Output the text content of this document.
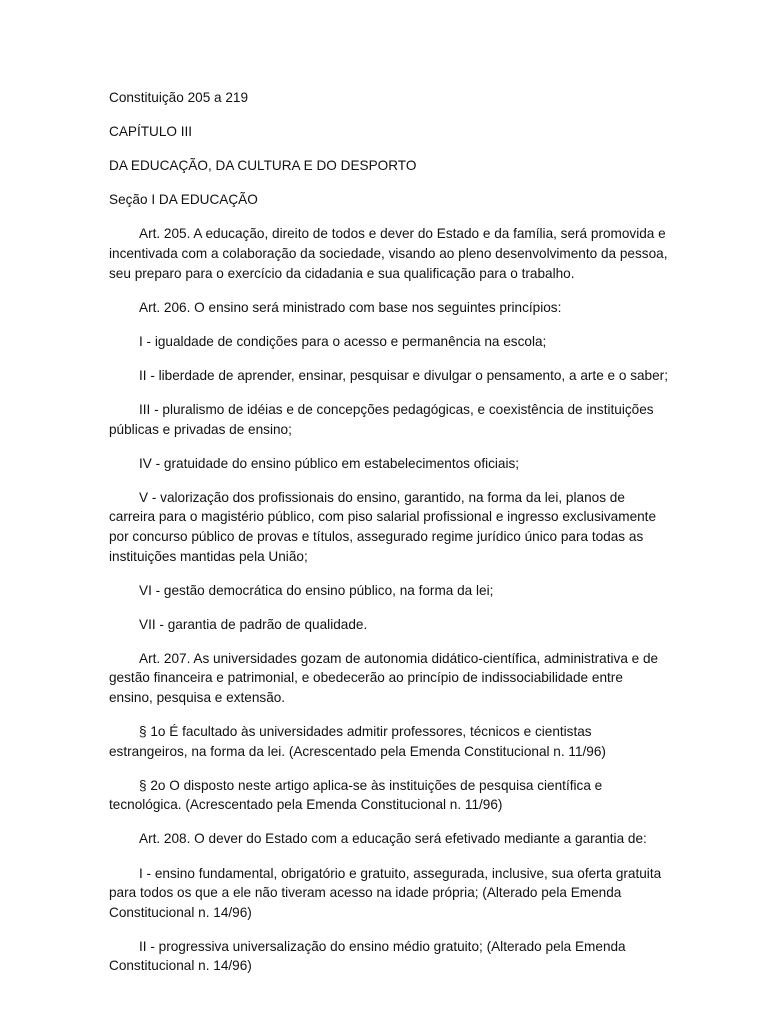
Constituição 205 a 219

CAPÍTULO III

DA EDUCAÇÃO, DA CULTURA E DO DESPORTO

Seção I DA EDUCAÇÃO

Art. 205. A educação, direito de todos e dever do Estado e da família, será promovida e incentivada com a colaboração da sociedade, visando ao pleno desenvolvimento da pessoa, seu preparo para o exercício da cidadania e sua qualificação para o trabalho.

Art. 206. O ensino será ministrado com base nos seguintes princípios:

I - igualdade de condições para o acesso e permanência na escola;

II - liberdade de aprender, ensinar, pesquisar e divulgar o pensamento, a arte e o saber;

III - pluralismo de idéias e de concepções pedagógicas, e coexistência de instituições públicas e privadas de ensino;

IV - gratuidade do ensino público em estabelecimentos oficiais;

V - valorização dos profissionais do ensino, garantido, na forma da lei, planos de carreira para o magistério público, com piso salarial profissional e ingresso exclusivamente por concurso público de provas e títulos, assegurado regime jurídico único para todas as instituições mantidas pela União;

VI - gestão democrática do ensino público, na forma da lei;

VII - garantia de padrão de qualidade.

Art. 207. As universidades gozam de autonomia didático-científica, administrativa e de gestão financeira e patrimonial, e obedecerão ao princípio de indissociabilidade entre ensino, pesquisa e extensão.

§ 1o É facultado às universidades admitir professores, técnicos e cientistas estrangeiros, na forma da lei. (Acrescentado pela Emenda Constitucional n. 11/96)

§ 2o O disposto neste artigo aplica-se às instituições de pesquisa científica e tecnológica. (Acrescentado pela Emenda Constitucional n. 11/96)

Art. 208. O dever do Estado com a educação será efetivado mediante a garantia de:

I - ensino fundamental, obrigatório e gratuito, assegurada, inclusive, sua oferta gratuita para todos os que a ele não tiveram acesso na idade própria; (Alterado pela Emenda Constitucional n. 14/96)

II - progressiva universalização do ensino médio gratuito; (Alterado pela Emenda Constitucional n. 14/96)
